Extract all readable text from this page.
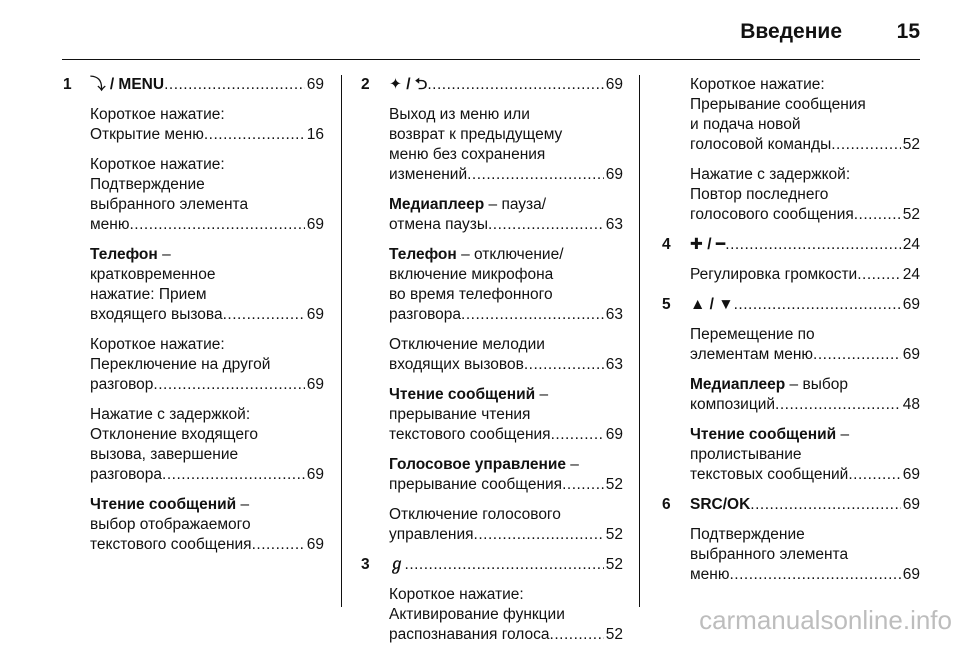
Введение	15
1 ⤵ / MENU .....	69
Короткое нажатие:
Открытие меню .....	16
Короткое нажатие:
Подтверждение
выбранного элемента
меню .....	69
Телефон –
кратковременное
нажатие: Прием
входящего вызова .....	69
Короткое нажатие:
Переключение на другой
разговор .....	69
Нажатие с задержкой:
Отклонение входящего
вызова, завершение
разговора .....	69
Чтение сообщений –
выбор отображаемого
текстового сообщения .....	69
2 ✦ / ⮌ .....	69
Выход из меню или
возврат к предыдущему
меню без сохранения
изменений .....	69
Медиаплеер – пауза/
отмена паузы .....	63
Телефон – отключение/
включение микрофона
во время телефонного
разговора .....	63
Отключение мелодии
входящих вызовов .....	63
Чтение сообщений –
прерывание чтения
текстового сообщения .....	69
Голосовое управление –
прерывание сообщения .....	52
Отключение голосового
управления .....	52
3 ℊ .....	52
Короткое нажатие:
Активирование функции
распознавания голоса .....	52
Короткое нажатие:
Прерывание сообщения
и подача новой
голосовой команды .....	52
Нажатие с задержкой:
Повтор последнего
голосового сообщения .....	52
4 ✚ / ━ .....	24
Регулировка громкости .....	24
5 ▲ / ▼ .....	69
Перемещение по
элементам меню .....	69
Медиаплеер – выбор
композиций .....	48
Чтение сообщений –
пролистывание
текстовых сообщений .....	69
6 SRC/OK .....	69
Подтверждение
выбранного элемента
меню .....	69
carmanualsonline.info
